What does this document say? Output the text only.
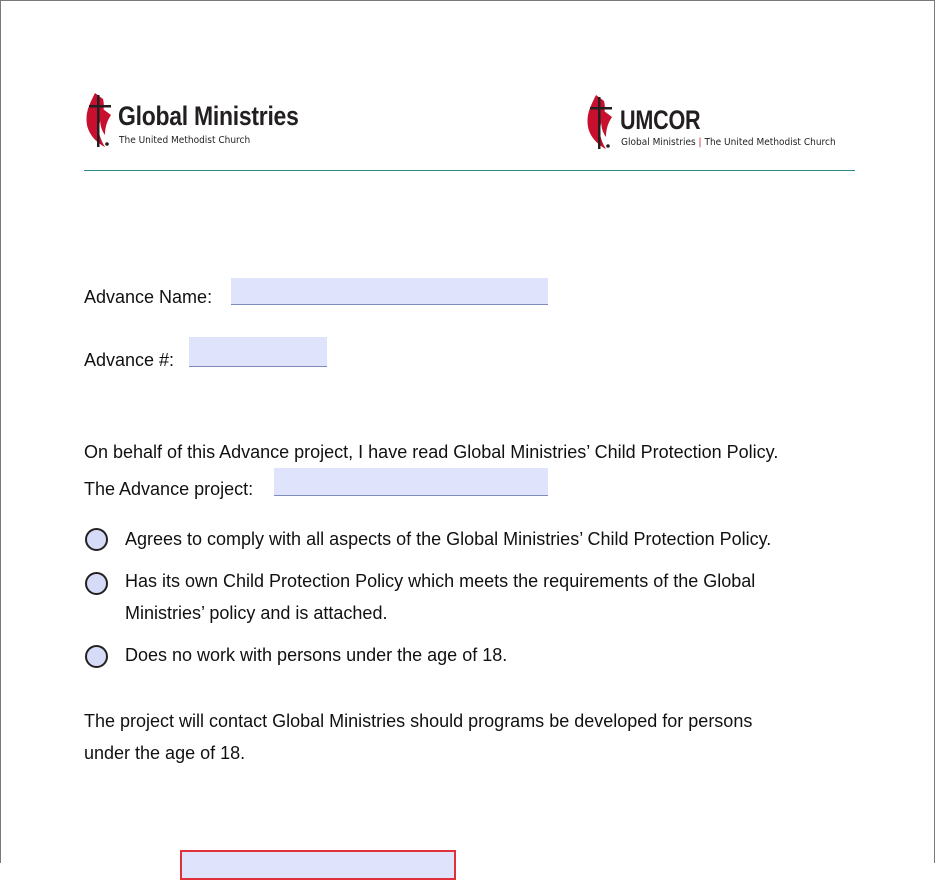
Global Ministries
The United Methodist Church
UMCOR
Global Ministries | The United Methodist Church
Advance Name:
Advance #:
On behalf of this Advance project, I have read Global Ministries’ Child Protection Policy.
The Advance project:
Agrees to comply with all aspects of the Global Ministries’ Child Protection Policy.
Has its own Child Protection Policy which meets the requirements of the Global
Ministries’ policy and is attached.
Does no work with persons under the age of 18.
The project will contact Global Ministries should programs be developed for persons
under the age of 18.
